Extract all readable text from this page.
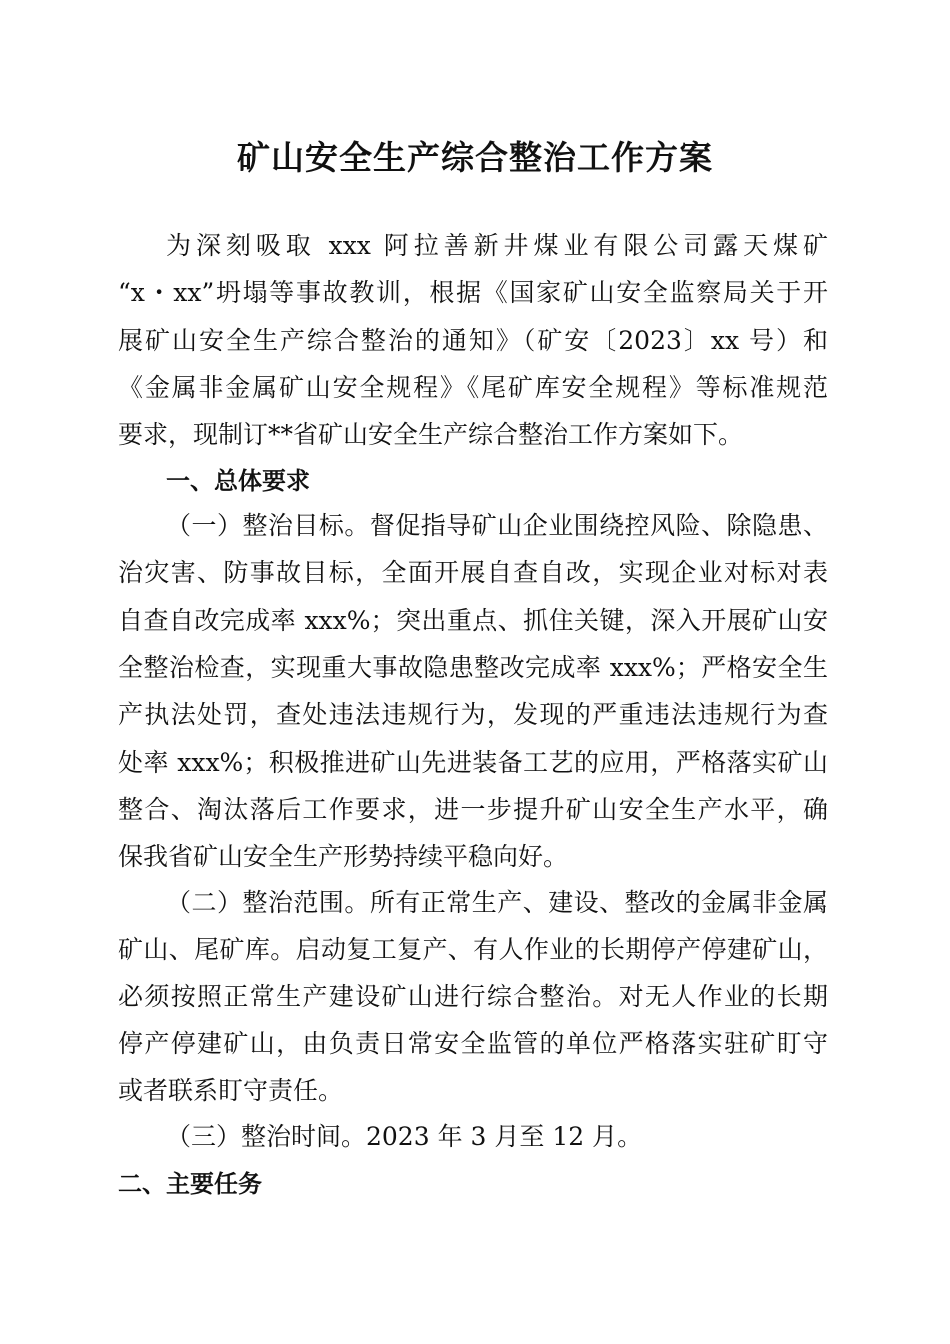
矿山安全生产综合整治工作方案
为深刻吸取 xxx 阿拉善新井煤业有限公司露天煤矿
“x・xx”坍塌等事故教训，根据《国家矿山安全监察局关于开
展矿山安全生产综合整治的通知》（矿安〔2023〕xx 号）和
《金属非金属矿山安全规程》《尾矿库安全规程》等标准规范
要求，现制订**省矿山安全生产综合整治工作方案如下。
一、总体要求
（一）整治目标。督促指导矿山企业围绕控风险、除隐患、
治灾害、防事故目标，全面开展自查自改，实现企业对标对表
自查自改完成率 xxx%；突出重点、抓住关键，深入开展矿山安
全整治检查，实现重大事故隐患整改完成率 xxx%；严格安全生
产执法处罚，查处违法违规行为，发现的严重违法违规行为查
处率 xxx%；积极推进矿山先进装备工艺的应用，严格落实矿山
整合、淘汰落后工作要求，进一步提升矿山安全生产水平，确
保我省矿山安全生产形势持续平稳向好。
（二）整治范围。所有正常生产、建设、整改的金属非金属
矿山、尾矿库。启动复工复产、有人作业的长期停产停建矿山，
必须按照正常生产建设矿山进行综合整治。对无人作业的长期
停产停建矿山，由负责日常安全监管的单位严格落实驻矿盯守
或者联系盯守责任。
（三）整治时间。2023 年 3 月至 12 月。
二、主要任务
